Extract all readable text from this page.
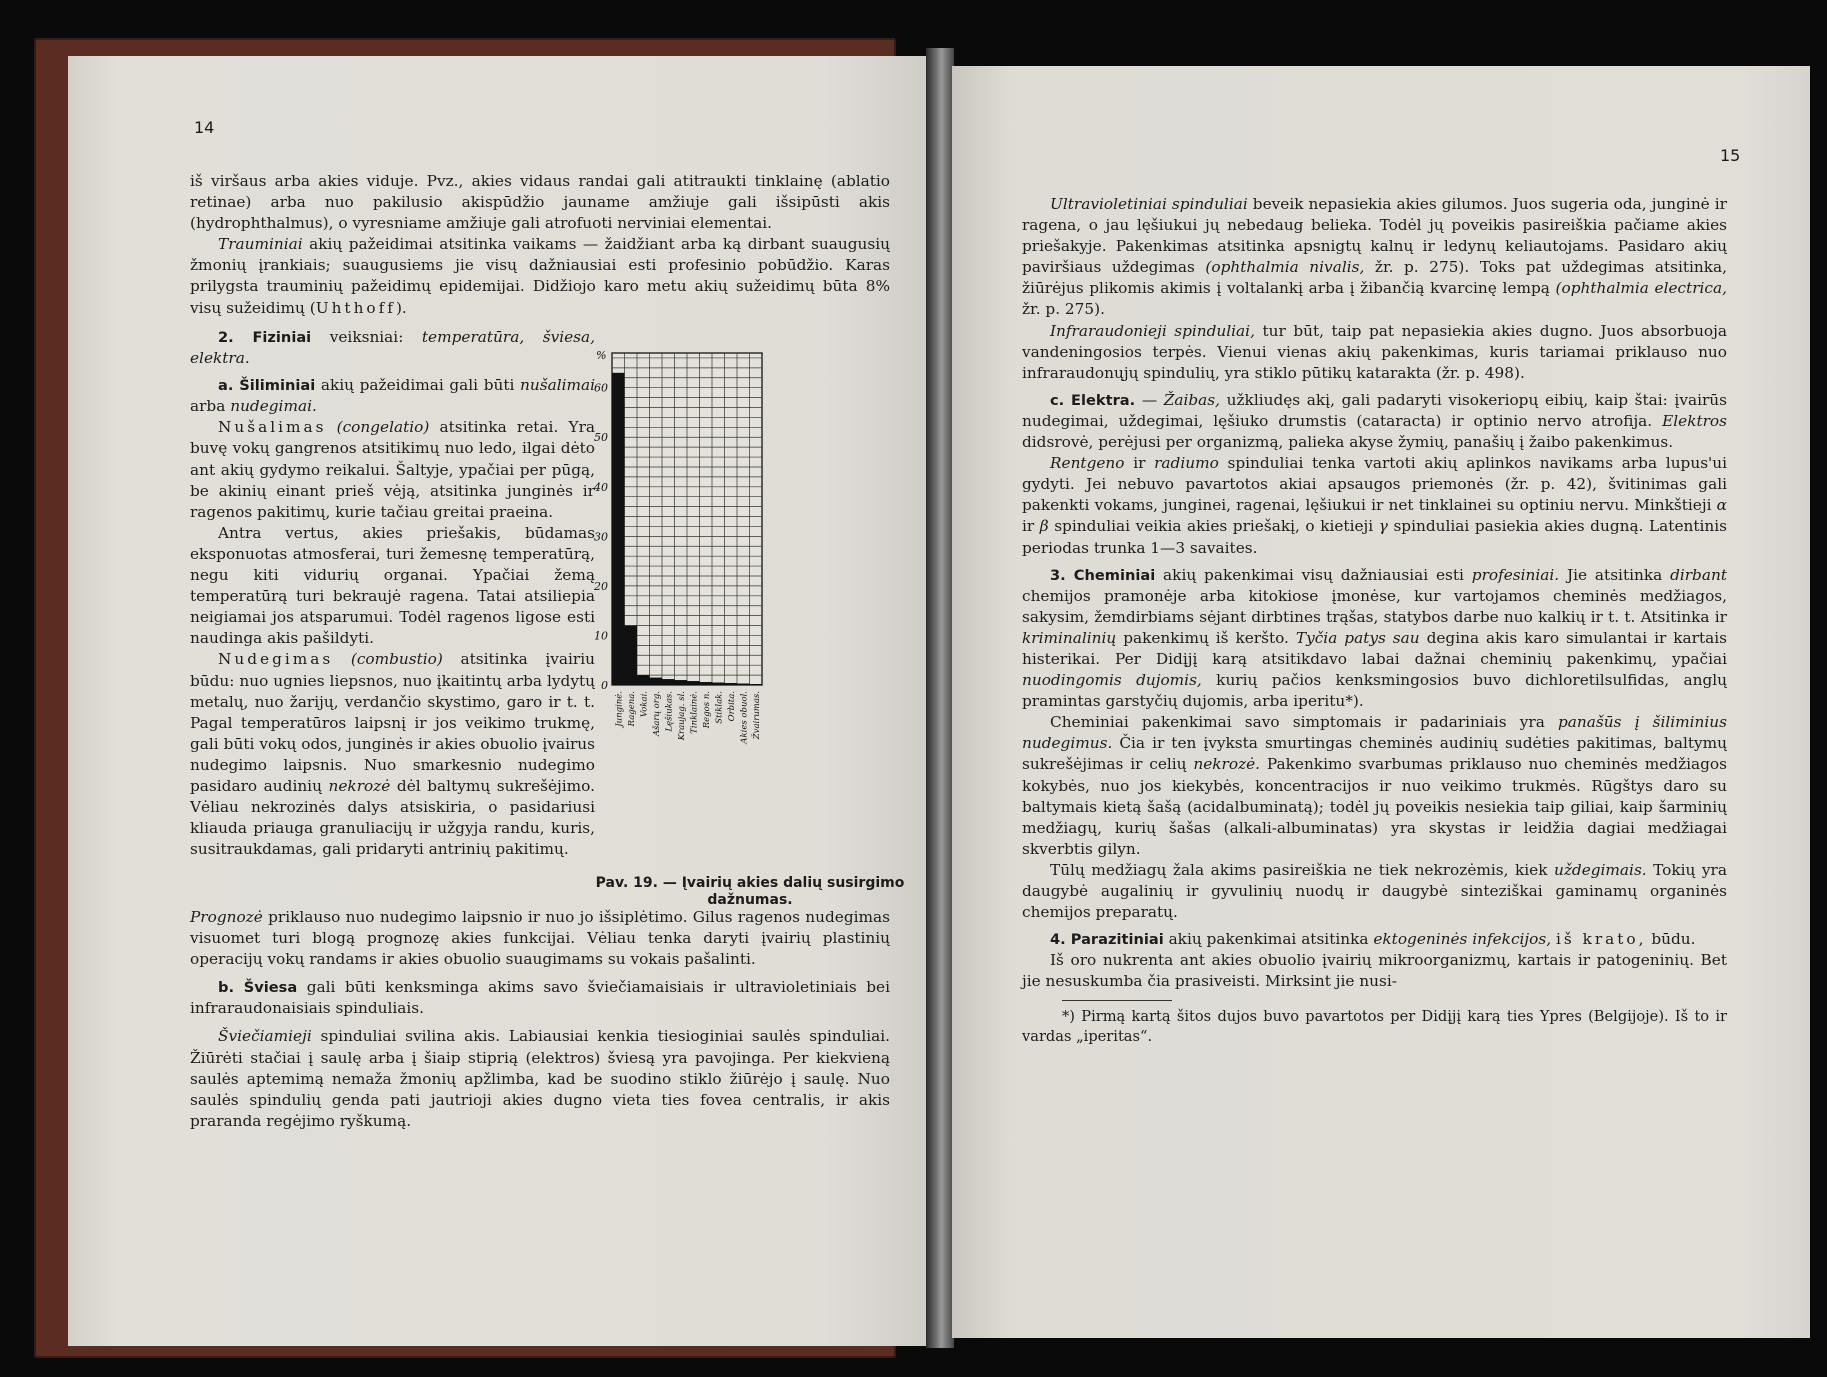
14

iš viršaus arba akies viduje. Pvz., akies vidaus randai gali atitraukti tinklainę (ablatio retinae) arba nuo pakilusio akispūdžio jauname amžiuje gali išsipūsti akis (hydrophthalmus), o vyresniame amžiuje gali atrofuoti nerviniai elementai.

Trauminiai akių pažeidimai atsitinka vaikams — žaidžiant arba ką dirbant suaugusių žmonių įrankiais; suaugusiems jie visų dažniausiai esti profesinio pobūdžio. Karas prilygsta trauminių pažeidimų epidemijai. Didžiojo karo metu akių sužeidimų būta 8% visų sužeidimų (Uhthoff).

2. Fiziniai veiksniai: temperatūra, šviesa, elektra.

a. Šiliminiai akių pažeidimai gali būti nušalimai arba nudegimai.

Nušalimas (congelatio) atsitinka retai. Yra buvę vokų gangrenos atsitikimų nuo ledo, ilgai dėto ant akių gydymo reikalui. Šaltyje, ypačiai per pūgą, be akinių einant prieš vėją, atsitinka junginės ir ragenos pakitimų, kurie tačiau greitai praeina.

Antra vertus, akies priešakis, būdamas eksponuotas atmosferai, turi žemesnę temperatūrą, negu kiti vidurių organai. Ypačiai žemą temperatūrą turi bekraujė ragena. Tatai atsiliepia neigiamai jos atsparumui. Todėl ragenos ligose esti naudinga akis pašildyti.

Nudegimas (combustio) atsitinka įvairiu būdu: nuo ugnies liepsnos, nuo įkaitintų arba lydytų metalų, nuo žarijų, verdančio skystimo, garo ir t. t. Pagal temperatūros laipsnį ir jos veikimo trukmę, gali būti vokų odos, junginės ir akies obuolio įvairus nudegimo laipsnis. Nuo smarkesnio nudegimo pasidaro audinių nekrozė dėl baltymų sukrešėjimo. Vėliau nekrozinės dalys atsiskiria, o pasidariusi kliauda priauga granuliacijų ir užgyja randu, kuris, susitraukdamas, gali pridaryti antrinių pakitimų.

Prognozė priklauso nuo nudegimo laipsnio ir nuo jo išsiplėtimo. Gilus ragenos nudegimas visuomet turi blogą prognozę akies funkcijai. Vėliau tenka daryti įvairių plastinių operacijų vokų randams ir akies obuolio suaugimams su vokais pašalinti.

b. Šviesa gali būti kenksminga akims savo šviečiamaisiais ir ultravioletiniais bei infraraudonaisiais spinduliais.

Šviečiamieji spinduliai svilina akis. Labiausiai kenkia tiesioginiai saulės spinduliai. Žiūrėti stačiai į saulę arba į šiaip stiprią (elektros) šviesą yra pavojinga. Per kiekvieną saulės aptemimą nemaža žmonių apžlimba, kad be suodino stiklo žiūrėjo į saulę. Nuo saulės spindulių genda pati jautrioji akies dugno vieta ties fovea centralis, ir akis praranda regėjimo ryškumą.

0
10
20
30
40
50
60
%
Junginė. Ragena. Vokai. Ašarų org. Lęšiukas. Kraujag. sl. Tinklainė. Regos n. Stiklak. Orbita. Akies obuol. Žvairumas.
Pav. 19. — Įvairių akies dalių susirgimo dažnumas.
15

Ultravioletiniai spinduliai beveik nepasiekia akies gilumos. Juos sugeria oda, junginė ir ragena, o jau lęšiukui jų nebedaug belieka. Todėl jų poveikis pasireiškia pačiame akies priešakyje. Pakenkimas atsitinka apsnigtų kalnų ir ledynų keliautojams. Pasidaro akių paviršiaus uždegimas (ophthalmia nivalis, žr. p. 275). Toks pat uždegimas atsitinka, žiūrėjus plikomis akimis į voltalankį arba į žibančią kvarcinę lempą (ophthalmia electrica, žr. p. 275).

Infraraudonieji spinduliai, tur būt, taip pat nepasiekia akies dugno. Juos absorbuoja vandeningosios terpės. Vienui vienas akių pakenkimas, kuris tariamai priklauso nuo infraraudonųjų spindulių, yra stiklo pūtikų katarakta (žr. p. 498).

c. Elektra. — Žaibas, užkliudęs akį, gali padaryti visokeriopų eibių, kaip štai: įvairūs nudegimai, uždegimai, lęšiuko drumstis (cataracta) ir optinio nervo atrofija. Elektros didsrovė, perėjusi per organizmą, palieka akyse žymių, panašių į žaibo pakenkimus.

Rentgeno ir radiumo spinduliai tenka vartoti akių aplinkos navikams arba lupus'ui gydyti. Jei nebuvo pavartotos akiai apsaugos priemonės (žr. p. 42), švitinimas gali pakenkti vokams, junginei, ragenai, lęšiukui ir net tinklainei su optiniu nervu. Minkštieji α ir β spinduliai veikia akies priešakį, o kietieji γ spinduliai pasiekia akies dugną. Latentinis periodas trunka 1—3 savaites.

3. Cheminiai akių pakenkimai visų dažniausiai esti profesiniai. Jie atsitinka dirbant chemijos pramonėje arba kitokiose įmonėse, kur vartojamos cheminės medžiagos, sakysim, žemdirbiams sėjant dirbtines trąšas, statybos darbe nuo kalkių ir t. t. Atsitinka ir kriminalinių pakenkimų iš keršto. Tyčia patys sau degina akis karo simulantai ir kartais histerikai. Per Didįjį karą atsitikdavo labai dažnai cheminių pakenkimų, ypačiai nuodingomis dujomis, kurių pačios kenksmingosios buvo dichloretilsulfidas, anglų pramintas garstyčių dujomis, arba iperitu*).

Cheminiai pakenkimai savo simptomais ir padariniais yra panašūs į šiliminius nudegimus. Čia ir ten įvyksta smurtingas cheminės audinių sudėties pakitimas, baltymų sukrešėjimas ir celių nekrozė. Pakenkimo svarbumas priklauso nuo cheminės medžiagos kokybės, nuo jos kiekybės, koncentracijos ir nuo veikimo trukmės. Rūgštys daro su baltymais kietą šašą (acidalbuminatą); todėl jų poveikis nesiekia taip giliai, kaip šarminių medžiagų, kurių šašas (alkali-albuminatas) yra skystas ir leidžia dagiai medžiagai skverbtis gilyn.

Tūlų medžiagų žala akims pasireiškia ne tiek nekrozėmis, kiek uždegimais. Tokių yra daugybė augalinių ir gyvulinių nuodų ir daugybė sinteziškai gaminamų organinės chemijos preparatų.

4. Parazitiniai akių pakenkimai atsitinka ektogeninės infekcijos, iš krato, būdu.

Iš oro nukrenta ant akies obuolio įvairių mikroorganizmų, kartais ir patogeninių. Bet jie nesuskumba čia prasiveisti. Mirksint jie nusi-

*) Pirmą kartą šitos dujos buvo pavartotos per Didįjį karą ties Ypres (Belgijoje). Iš to ir vardas „iperitas“.
